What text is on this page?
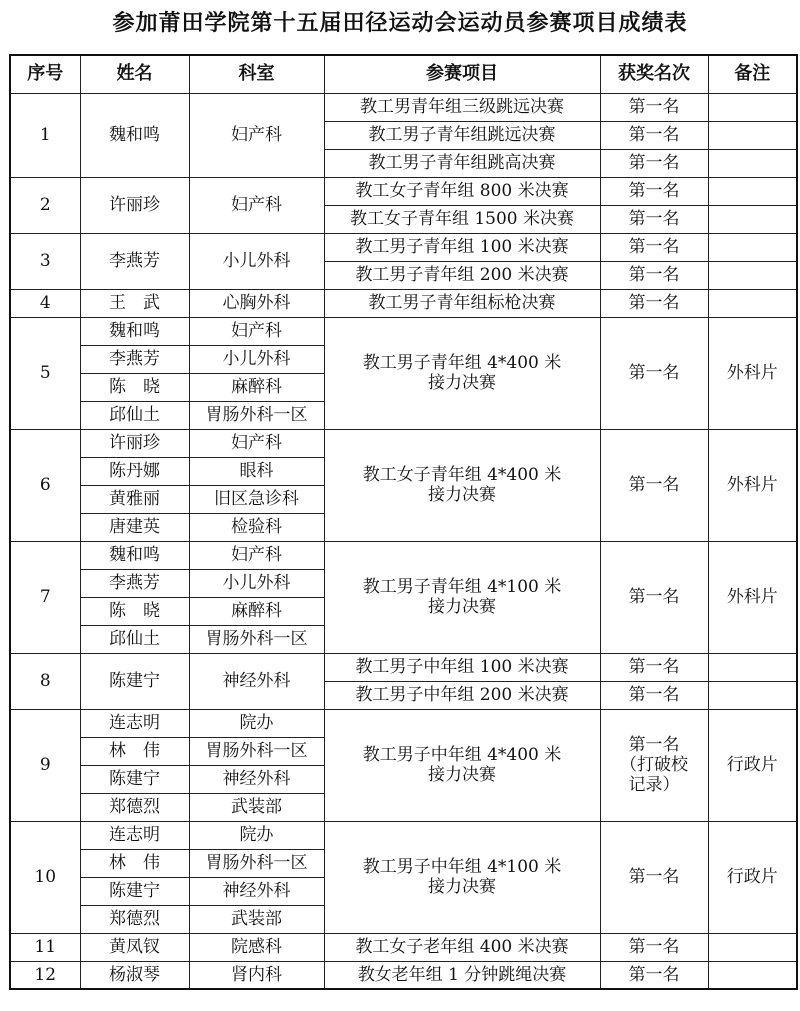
参加莆田学院第十五届田径运动会运动员参赛项目成绩表
序号	姓名	科室	参赛项目	获奖名次	备注
1	魏和鸣	妇产科	教工男青年组三级跳远决赛	第一名	
			教工男子青年组跳远决赛	第一名	
			教工男子青年组跳高决赛	第一名	
2	许丽珍	妇产科	教工女子青年组 800 米决赛	第一名	
			教工女子青年组 1500 米决赛	第一名	
3	李燕芳	小儿外科	教工男子青年组 100 米决赛	第一名	
			教工男子青年组 200 米决赛	第一名	
4	王　武	心胸外科	教工男子青年组标枪决赛	第一名	
5	魏和鸣	妇产科	教工男子青年组 4*400 米
接力决赛	第一名	外科片
	李燕芳	小儿外科			
	陈　晓	麻醉科			
	邱仙土	胃肠外科一区			
6	许丽珍	妇产科	教工女子青年组 4*400 米
接力决赛	第一名	外科片
	陈丹娜	眼科			
	黄雅丽	旧区急诊科			
	唐建英	检验科			
7	魏和鸣	妇产科	教工男子青年组 4*100 米
接力决赛	第一名	外科片
	李燕芳	小儿外科			
	陈　晓	麻醉科			
	邱仙土	胃肠外科一区			
8	陈建宁	神经外科	教工男子中年组 100 米决赛	第一名	
			教工男子中年组 200 米决赛	第一名	
9	连志明	院办	教工男子中年组 4*400 米
接力决赛	第一名
（打破校
记录）	行政片
	林　伟	胃肠外科一区			
	陈建宁	神经外科			
	郑德烈	武装部			
10	连志明	院办	教工男子中年组 4*100 米
接力决赛	第一名	行政片
	林　伟	胃肠外科一区			
	陈建宁	神经外科			
	郑德烈	武装部			
11	黄凤钗	院感科	教工女子老年组 400 米决赛	第一名	
12	杨淑琴	肾内科	教女老年组 1 分钟跳绳决赛	第一名	
